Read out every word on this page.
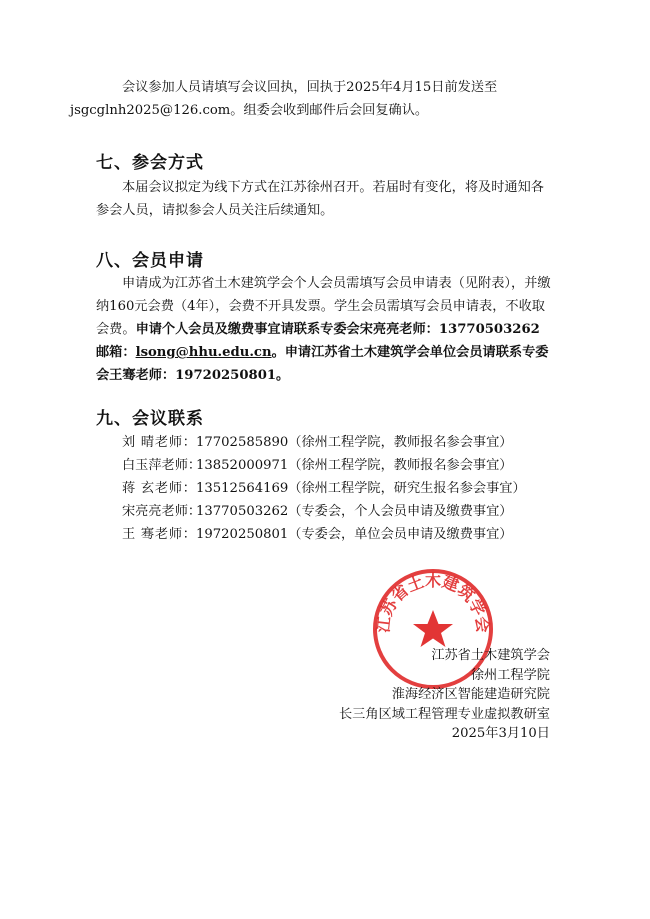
会议参加人员请填写会议回执，回执于2025年4月15日前发送至
jsgcglnh2025@126.com。组委会收到邮件后会回复确认。

七、参会方式

本届会议拟定为线下方式在江苏徐州召开。若届时有变化，将及时通知各参会人员，请拟参会人员关注后续通知。

八、会员申请

申请成为江苏省土木建筑学会个人会员需填写会员申请表（见附表），并缴纳160元会费（4年），会费不开具发票。学生会员需填写会员申请表，不收取会费。申请个人会员及缴费事宜请联系专委会宋亮亮老师：13770503262 邮箱：lsong@hhu.edu.cn。申请江苏省土木建筑学会单位会员请联系专委会王骞老师：19720250801。

九、会议联系
刘 晴老师：17702585890（徐州工程学院，教师报名参会事宜）
白玉萍老师：13852000971（徐州工程学院，教师报名参会事宜）
蒋 玄老师：13512564169（徐州工程学院，研究生报名参会事宜）
宋亮亮老师：13770503262（专委会，个人会员申请及缴费事宜）
王 骞老师：19720250801（专委会，单位会员申请及缴费事宜）
江苏省土木建筑学会
江苏省土木建筑学会
徐州工程学院
淮海经济区智能建造研究院
长三角区域工程管理专业虚拟教研室
2025年3月10日
